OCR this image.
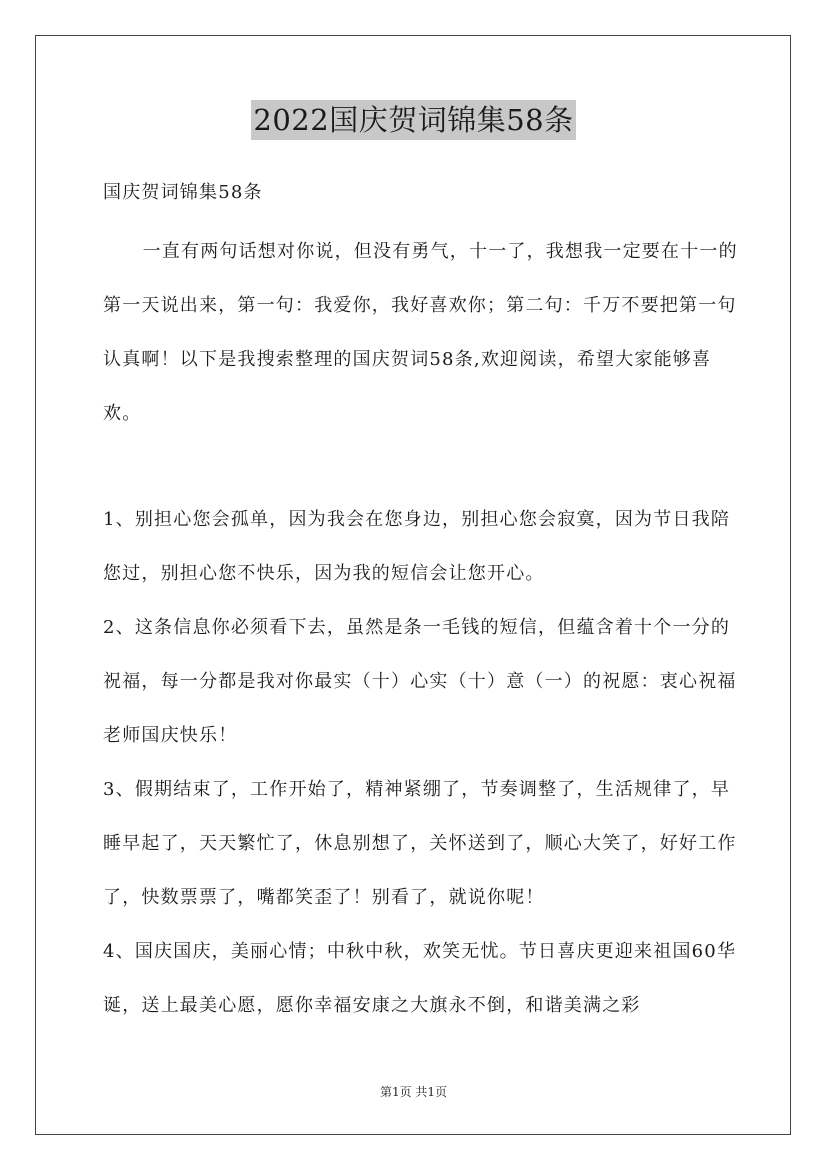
2022国庆贺词锦集58条

国庆贺词锦集58条

一直有两句话想对你说，但没有勇气，十一了，我想我一定要在十一的第一天说出来，第一句：我爱你，我好喜欢你；第二句：千万不要把第一句认真啊！以下是我搜索整理的国庆贺词58条,欢迎阅读，希望大家能够喜欢。

1、别担心您会孤单，因为我会在您身边，别担心您会寂寞，因为节日我陪您过，别担心您不快乐，因为我的短信会让您开心。

2、这条信息你必须看下去，虽然是条一毛钱的短信，但蕴含着十个一分的祝福，每一分都是我对你最实（十）心实（十）意（一）的祝愿：衷心祝福老师国庆快乐！

3、假期结束了，工作开始了，精神紧绷了，节奏调整了，生活规律了，早睡早起了，天天繁忙了，休息别想了，关怀送到了，顺心大笑了，好好工作了，快数票票了，嘴都笑歪了！别看了，就说你呢！

4、国庆国庆，美丽心情；中秋中秋，欢笑无忧。节日喜庆更迎来祖国60华诞，送上最美心愿，愿你幸福安康之大旗永不倒，和谐美满之彩

第1页 共1页
